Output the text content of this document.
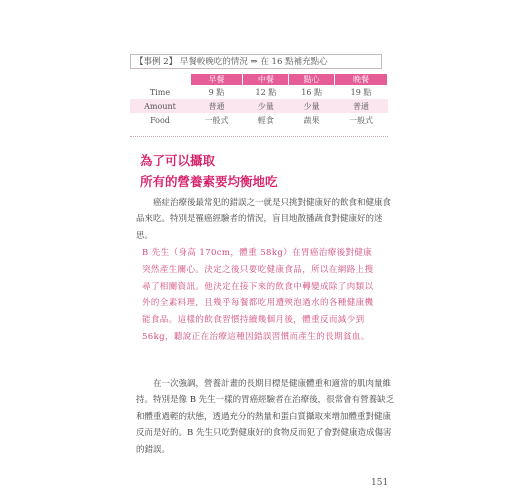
【事例 2】 早餐較晚吃的情況 ⇒ 在 16 點補充點心
	早餐	中餐	點心	晚餐
Time	9 點	12 點	16 點	19 點
Amount	普通	少量	少量	普通
Food	一般式	輕食	蔬果	一般式
為了可以攝取
所有的營養素要均衡地吃

癌症治療後最常犯的錯誤之一就是只挑對健康好的飲食和健康食品來吃。特別是罹癌經驗者的情況，盲目地散播蔬食對健康好的迷思。

B 先生（身高 170cm，體重 58kg）在胃癌治療後對健康突然產生關心。決定之後只要吃健康食品，所以在網路上搜尋了相關資訊。他決定在接下來的飲食中轉變成除了肉類以外的全素料理，且幾乎每餐都吃用遭殃泡過水的各種健康機能食品。這樣的飲食習慣持續幾個月後，體重反而減少到 56kg，聽說正在治療這種因錯誤習慣而產生的長期貧血。

在一次強調，營養計畫的長期目標是健康體重和適當的肌肉量維持。特別是像 B 先生一樣的胃癌經驗者在治療後，很常會有營養缺乏和體重過輕的狀態，透過充分的熱量和蛋白質攝取來增加體重對健康反而是好的。B 先生只吃對健康好的食物反而犯了會對健康造成傷害的錯誤。

151
